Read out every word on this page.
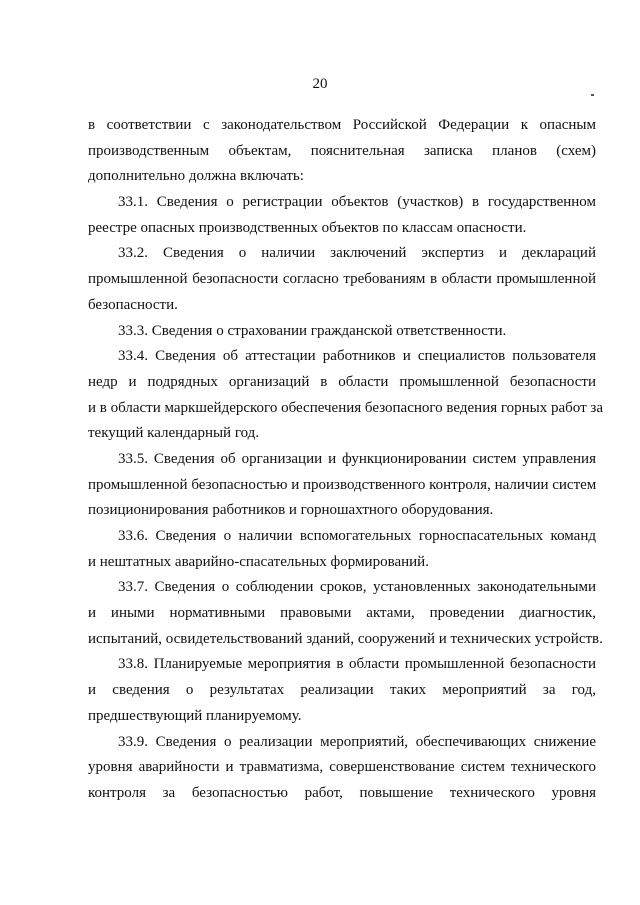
20
в соответствии с законодательством Российской Федерации к опасным
производственным объектам, пояснительная записка планов (схем)
дополнительно должна включать:
33.1. Сведения о регистрации объектов (участков) в государственном
реестре опасных производственных объектов по классам опасности.
33.2. Сведения о наличии заключений экспертиз и деклараций
промышленной безопасности согласно требованиям в области промышленной
безопасности.
33.3. Сведения о страховании гражданской ответственности.
33.4. Сведения об аттестации работников и специалистов пользователя
недр и подрядных организаций в области промышленной безопасности
и в области маркшейдерского обеспечения безопасного ведения горных работ за
текущий календарный год.
33.5. Сведения об организации и функционировании систем управления
промышленной безопасностью и производственного контроля, наличии систем
позиционирования работников и горношахтного оборудования.
33.6. Сведения о наличии вспомогательных горноспасательных команд
и нештатных аварийно-спасательных формирований.
33.7. Сведения о соблюдении сроков, установленных законодательными
и иными нормативными правовыми актами, проведении диагностик,
испытаний, освидетельствований зданий, сооружений и технических устройств.
33.8. Планируемые мероприятия в области промышленной безопасности
и сведения о результатах реализации таких мероприятий за год,
предшествующий планируемому.
33.9. Сведения о реализации мероприятий, обеспечивающих снижение
уровня аварийности и травматизма, совершенствование систем технического
контроля за безопасностью работ, повышение технического уровня
